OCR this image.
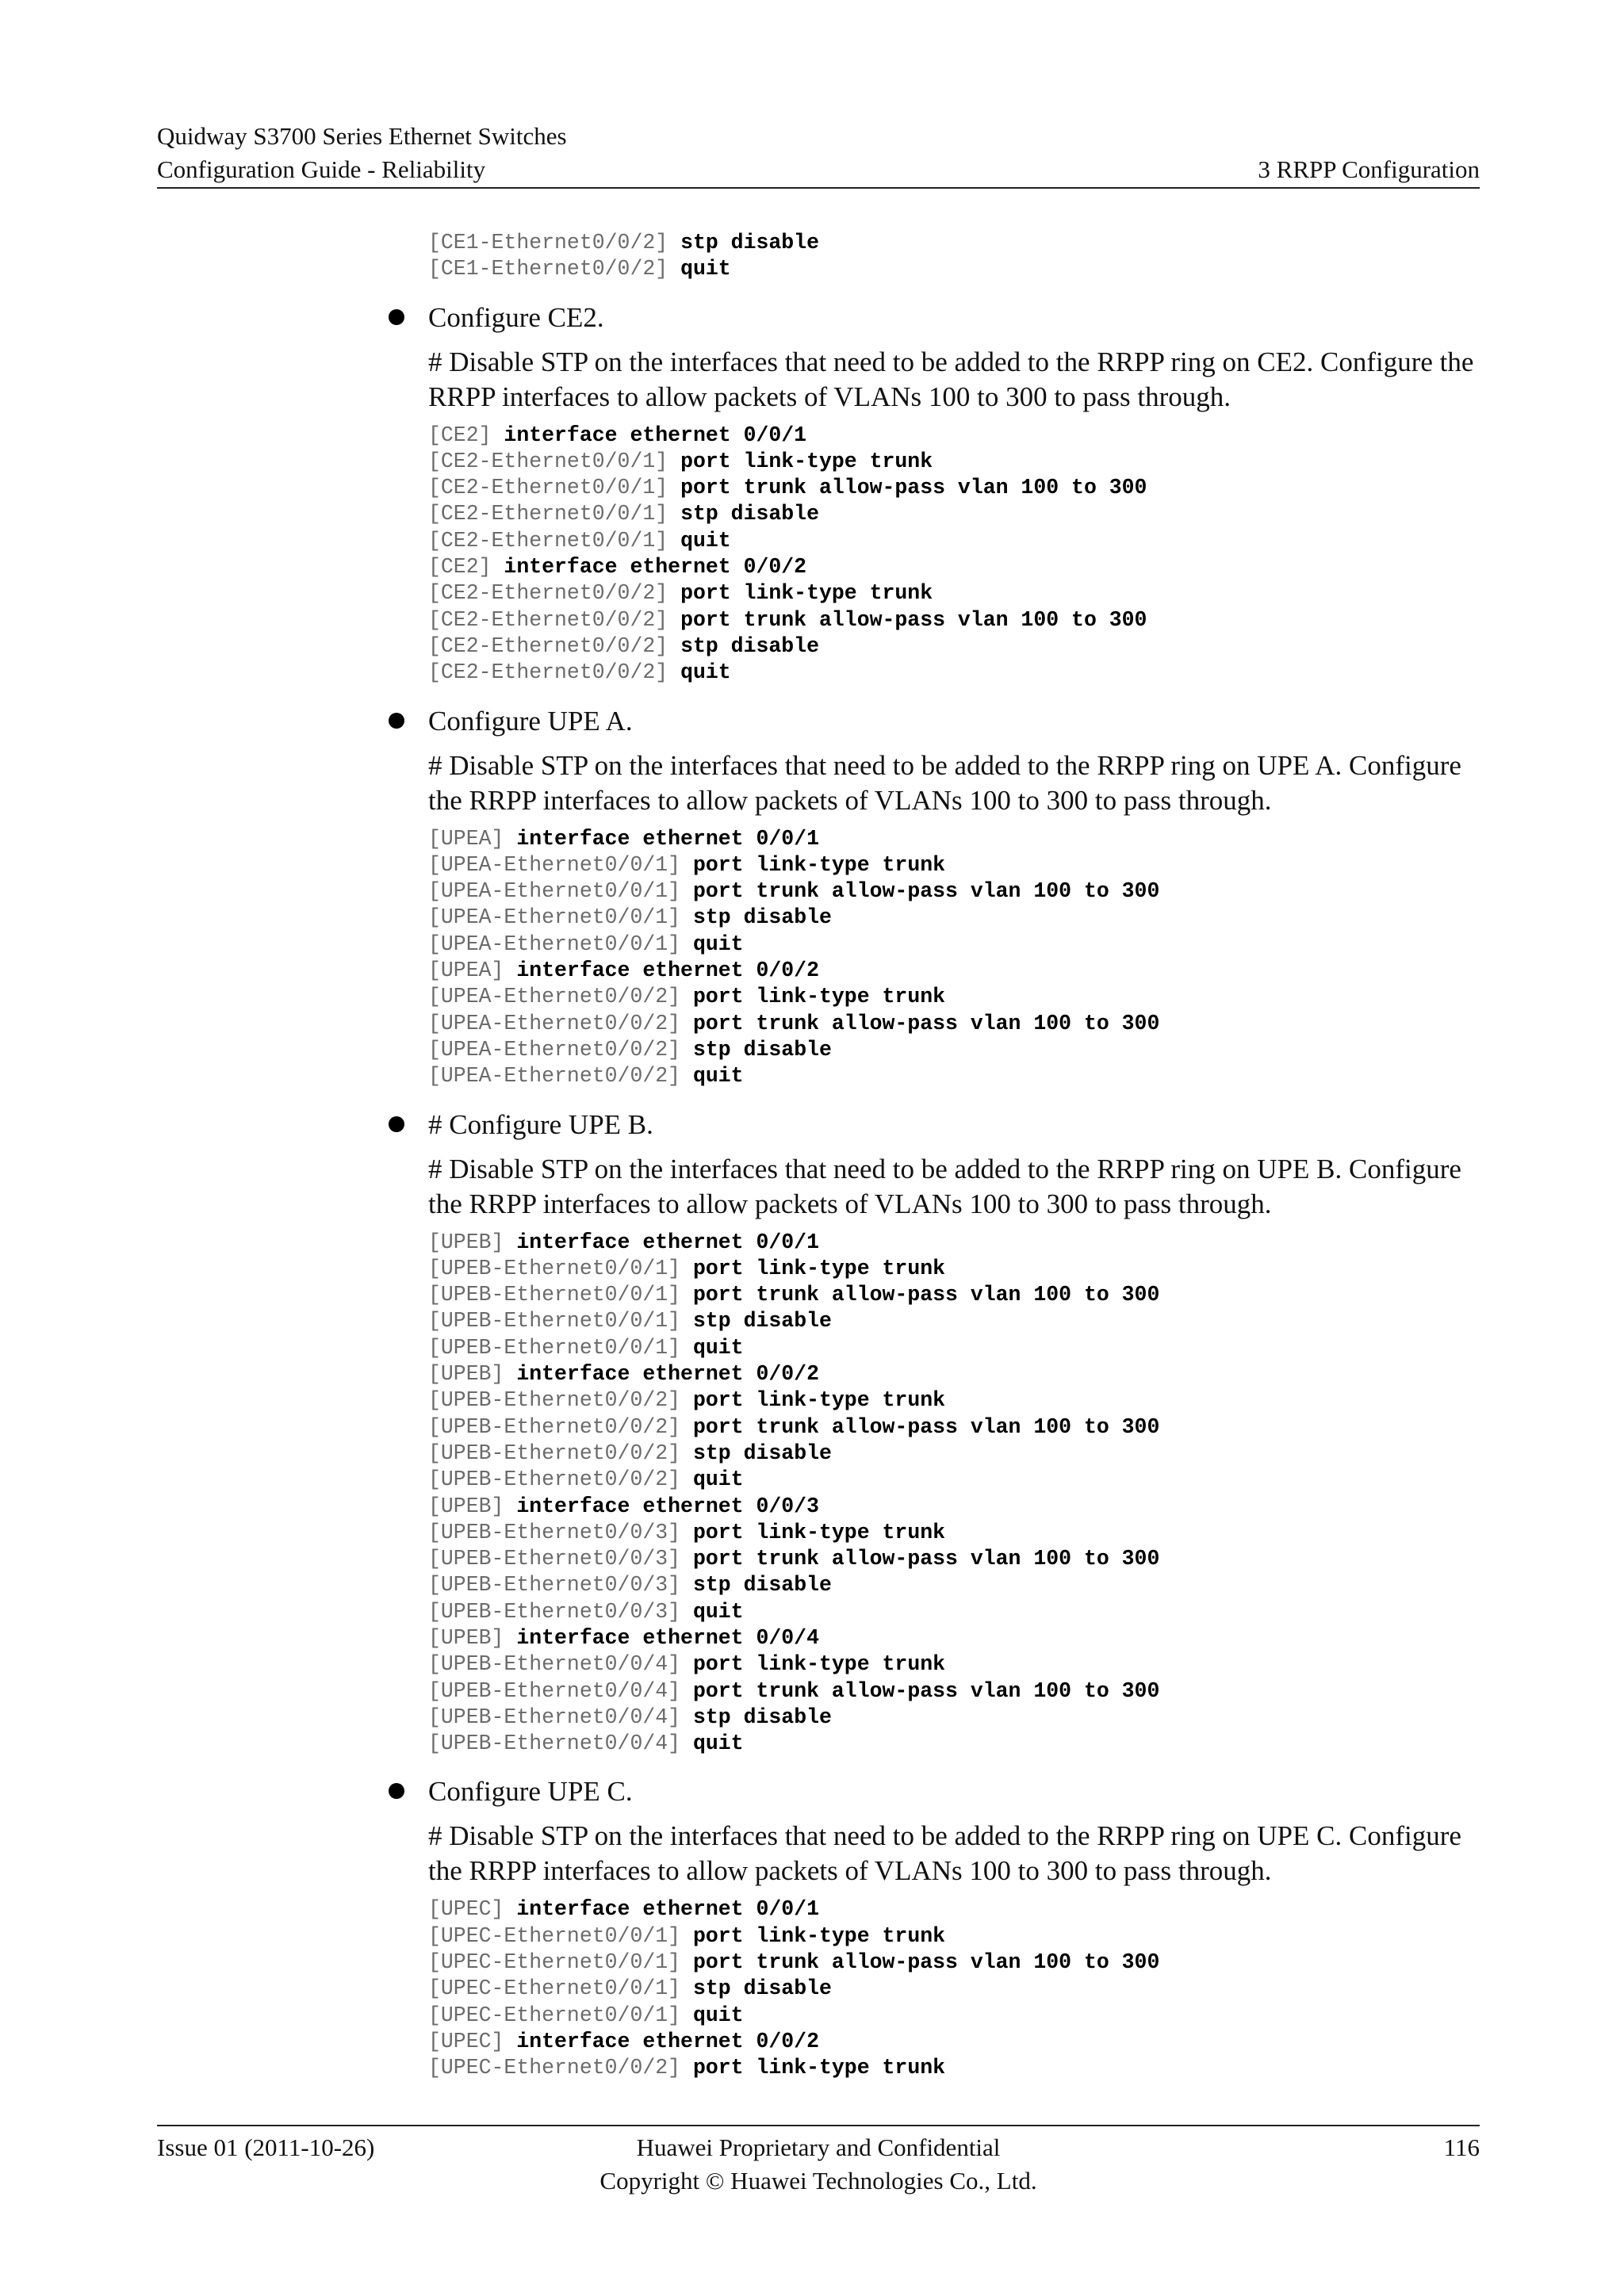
Quidway S3700 Series Ethernet Switches
Configuration Guide - Reliability	3 RRPP Configuration
[CE1-Ethernet0/0/2] stp disable
[CE1-Ethernet0/0/2] quit
Configure CE2.
# Disable STP on the interfaces that need to be added to the RRPP ring on CE2. Configure the RRPP interfaces to allow packets of VLANs 100 to 300 to pass through.
[CE2] interface ethernet 0/0/1
[CE2-Ethernet0/0/1] port link-type trunk
[CE2-Ethernet0/0/1] port trunk allow-pass vlan 100 to 300
[CE2-Ethernet0/0/1] stp disable
[CE2-Ethernet0/0/1] quit
[CE2] interface ethernet 0/0/2
[CE2-Ethernet0/0/2] port link-type trunk
[CE2-Ethernet0/0/2] port trunk allow-pass vlan 100 to 300
[CE2-Ethernet0/0/2] stp disable
[CE2-Ethernet0/0/2] quit
Configure UPE A.
# Disable STP on the interfaces that need to be added to the RRPP ring on UPE A. Configure the RRPP interfaces to allow packets of VLANs 100 to 300 to pass through.
[UPEA] interface ethernet 0/0/1
[UPEA-Ethernet0/0/1] port link-type trunk
[UPEA-Ethernet0/0/1] port trunk allow-pass vlan 100 to 300
[UPEA-Ethernet0/0/1] stp disable
[UPEA-Ethernet0/0/1] quit
[UPEA] interface ethernet 0/0/2
[UPEA-Ethernet0/0/2] port link-type trunk
[UPEA-Ethernet0/0/2] port trunk allow-pass vlan 100 to 300
[UPEA-Ethernet0/0/2] stp disable
[UPEA-Ethernet0/0/2] quit
# Configure UPE B.
# Disable STP on the interfaces that need to be added to the RRPP ring on UPE B. Configure the RRPP interfaces to allow packets of VLANs 100 to 300 to pass through.
[UPEB] interface ethernet 0/0/1
[UPEB-Ethernet0/0/1] port link-type trunk
[UPEB-Ethernet0/0/1] port trunk allow-pass vlan 100 to 300
[UPEB-Ethernet0/0/1] stp disable
[UPEB-Ethernet0/0/1] quit
[UPEB] interface ethernet 0/0/2
[UPEB-Ethernet0/0/2] port link-type trunk
[UPEB-Ethernet0/0/2] port trunk allow-pass vlan 100 to 300
[UPEB-Ethernet0/0/2] stp disable
[UPEB-Ethernet0/0/2] quit
[UPEB] interface ethernet 0/0/3
[UPEB-Ethernet0/0/3] port link-type trunk
[UPEB-Ethernet0/0/3] port trunk allow-pass vlan 100 to 300
[UPEB-Ethernet0/0/3] stp disable
[UPEB-Ethernet0/0/3] quit
[UPEB] interface ethernet 0/0/4
[UPEB-Ethernet0/0/4] port link-type trunk
[UPEB-Ethernet0/0/4] port trunk allow-pass vlan 100 to 300
[UPEB-Ethernet0/0/4] stp disable
[UPEB-Ethernet0/0/4] quit
Configure UPE C.
# Disable STP on the interfaces that need to be added to the RRPP ring on UPE C. Configure the RRPP interfaces to allow packets of VLANs 100 to 300 to pass through.
[UPEC] interface ethernet 0/0/1
[UPEC-Ethernet0/0/1] port link-type trunk
[UPEC-Ethernet0/0/1] port trunk allow-pass vlan 100 to 300
[UPEC-Ethernet0/0/1] stp disable
[UPEC-Ethernet0/0/1] quit
[UPEC] interface ethernet 0/0/2
[UPEC-Ethernet0/0/2] port link-type trunk
Issue 01 (2011-10-26)	Huawei Proprietary and Confidential
Copyright © Huawei Technologies Co., Ltd.
116
